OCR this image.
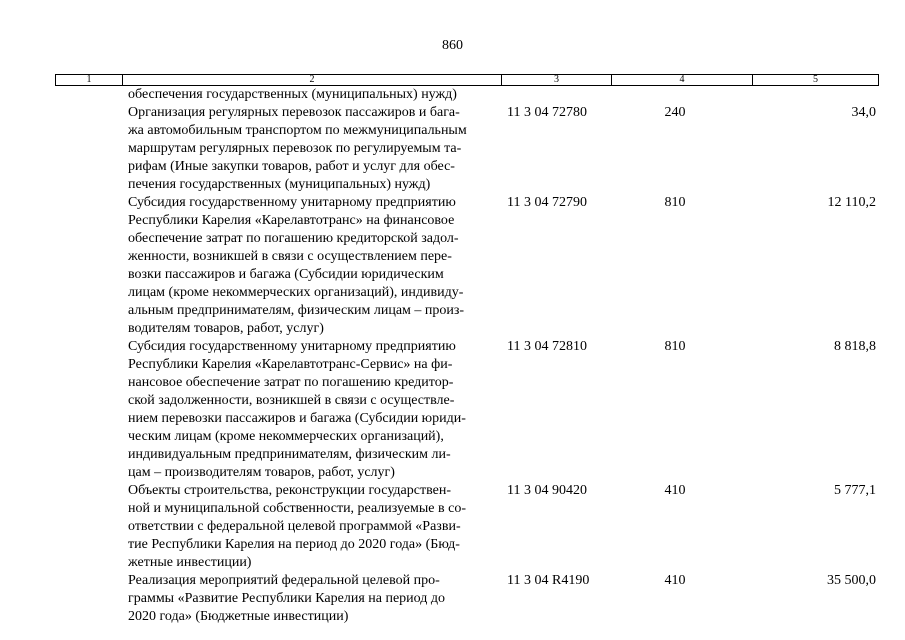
860
1	2	3	4	5
обеспечения государственных (муниципальных) нужд)
Организация регулярных перевозок пассажиров и бага-
жа автомобильным транспортом по межмуниципальным
маршрутам регулярных перевозок по регулируемым та-
рифам (Иные закупки товаров, работ и услуг для обес-
печения государственных (муниципальных) нужд)
11 3 04 72780	240	34,0
Субсидия государственному унитарному предприятию
Республики Карелия «Карелавтотранс» на финансовое
обеспечение затрат по погашению кредиторской задол-
женности, возникшей в связи с осуществлением пере-
возки пассажиров и багажа (Субсидии юридическим
лицам (кроме некоммерческих организаций), индивиду-
альным предпринимателям, физическим лицам – произ-
водителям товаров, работ, услуг)
11 3 04 72790	810	12 110,2
Субсидия государственному унитарному предприятию
Республики Карелия «Карелавтотранс-Сервис» на фи-
нансовое обеспечение затрат по погашению кредитор-
ской задолженности, возникшей в связи с осуществле-
нием перевозки пассажиров и багажа (Субсидии юриди-
ческим лицам (кроме некоммерческих организаций),
индивидуальным предпринимателям, физическим ли-
цам – производителям товаров, работ, услуг)
11 3 04 72810	810	8 818,8
Объекты строительства, реконструкции государствен-
ной и муниципальной собственности, реализуемые в со-
ответствии с федеральной целевой программой «Разви-
тие Республики Карелия на период до 2020 года» (Бюд-
жетные инвестиции)
11 3 04 90420	410	5 777,1
Реализация мероприятий федеральной целевой про-
граммы «Развитие Республики Карелия на период до
2020 года» (Бюджетные инвестиции)
11 3 04 R4190	410	35 500,0
